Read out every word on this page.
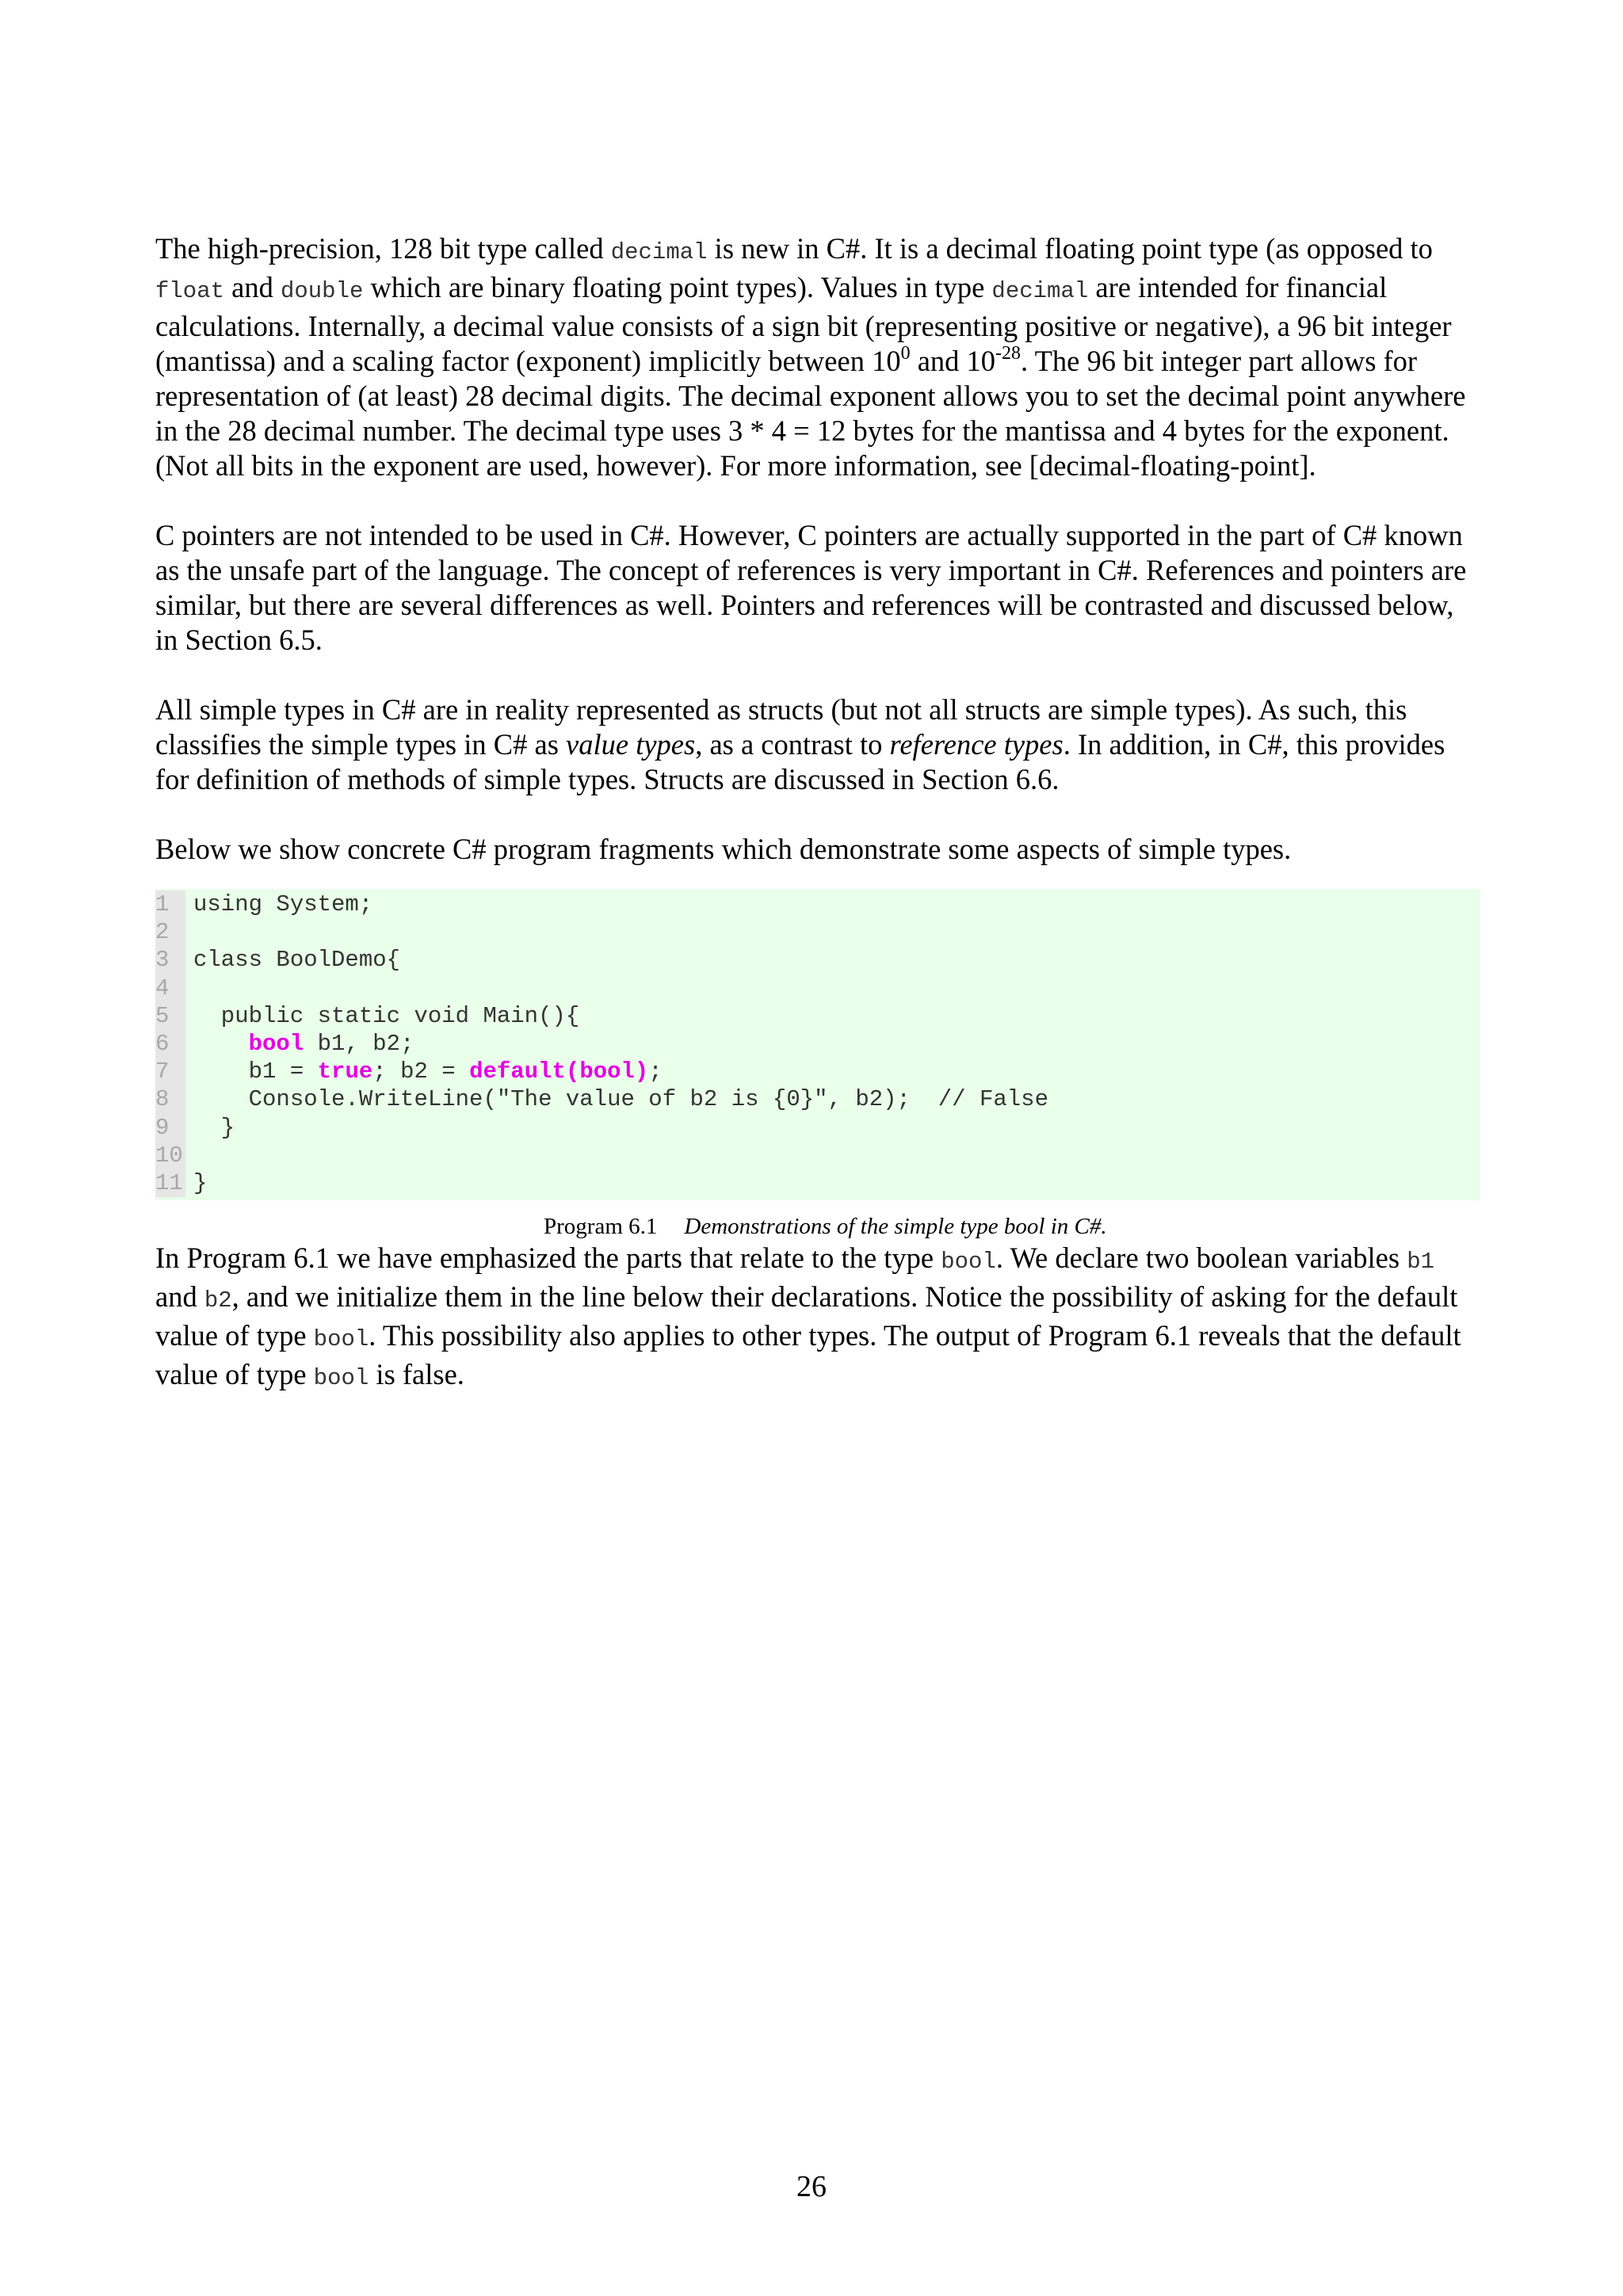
The high-precision, 128 bit type called decimal is new in C#. It is a decimal floating point type (as opposed to float and double which are binary floating point types). Values in type decimal are intended for financial calculations. Internally, a decimal value consists of a sign bit (representing positive or negative), a 96 bit integer (mantissa) and a scaling factor (exponent) implicitly between $10^0$ and $10^{-28}$. The 96 bit integer part allows for representation of (at least) 28 decimal digits. The decimal exponent allows you to set the decimal point anywhere in the 28 decimal number. The decimal type uses 3 * 4 = 12 bytes for the mantissa and 4 bytes for the exponent. (Not all bits in the exponent are used, however). For more information, see [decimal-floating-point].

C pointers are not intended to be used in C#. However, C pointers are actually supported in the part of C# known as the unsafe part of the language. The concept of references is very important in C#. References and pointers are similar, but there are several differences as well. Pointers and references will be contrasted and discussed below, in Section 6.5.

All simple types in C# are in reality represented as structs (but not all structs are simple types). As such, this classifies the simple types in C# as value types, as a contrast to reference types. In addition, in C#, this provides for definition of methods of simple types. Structs are discussed in Section 6.6.

Below we show concrete C# program fragments which demonstrate some aspects of simple types.

1	using System;
2
3	class BoolDemo{
4
5	public static void Main(){
6	bool b1, b2;
7	b1 = true; b2 = default(bool);
8	Console.WriteLine("The value of b2 is {0}", b2);  // False
9	}
10
11 }
Program 6.1 Demonstrations of the simple type bool in C#.

In Program 6.1 we have emphasized the parts that relate to the type bool. We declare two boolean variables b1 and b2, and we initialize them in the line below their declarations. Notice the possibility of asking for the default value of type bool. This possibility also applies to other types. The output of Program 6.1 reveals that the default value of type bool is false.

26
